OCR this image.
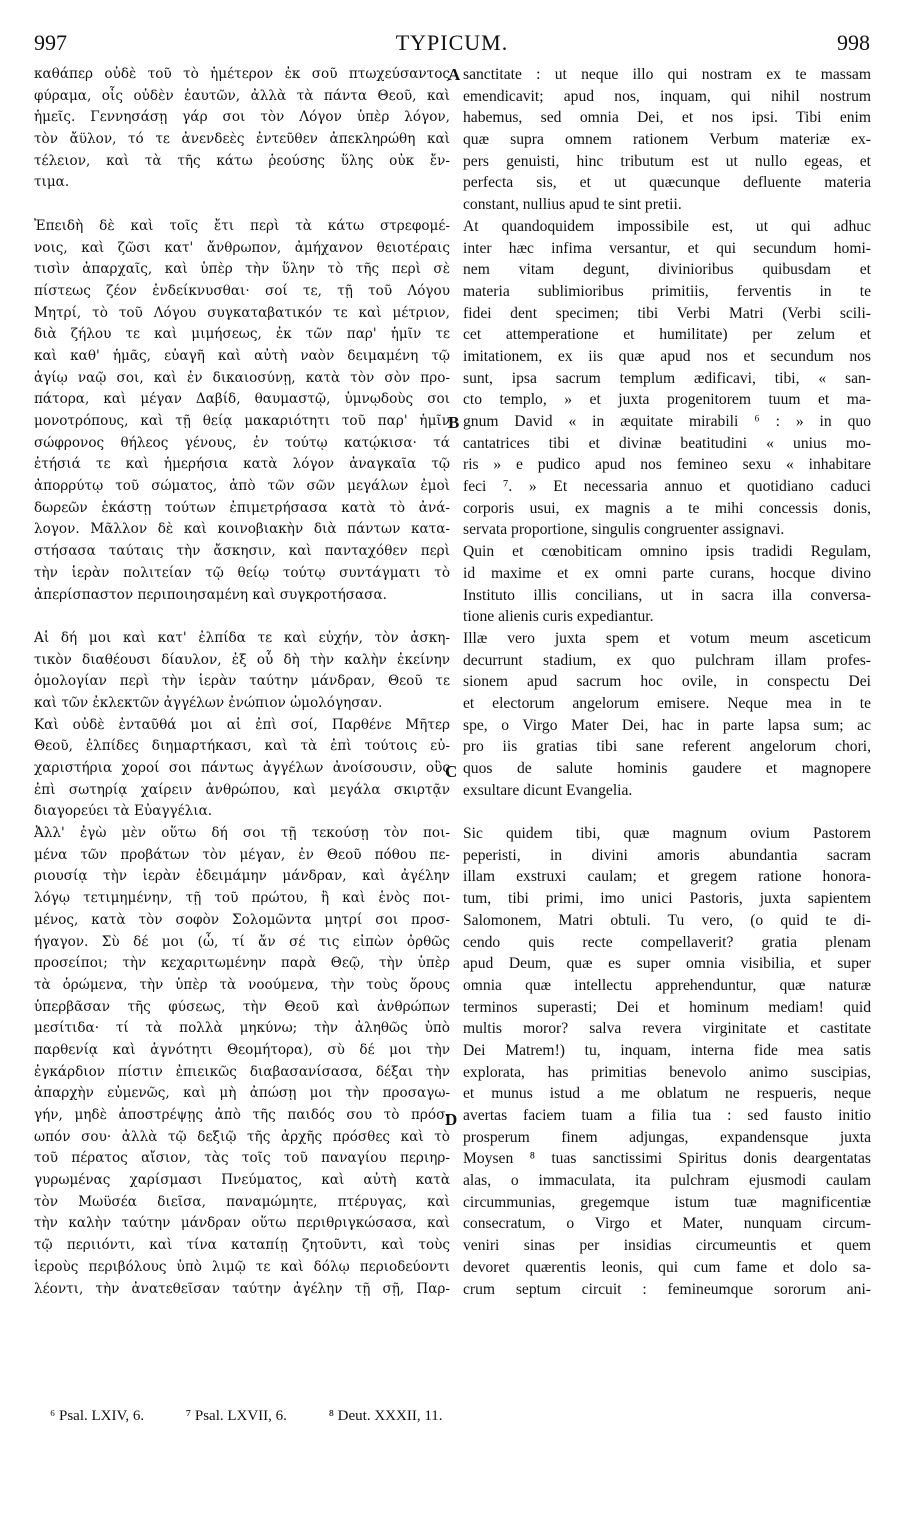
997	TYPICUM.	998
καθάπερ οὐδὲ τοῦ τὸ ἡμέτερον ἐκ σοῦ πτωχεύσαντος
φύραμα, οἷς οὐδὲν ἑαυτῶν, ἀλλὰ τὰ πάντα Θεοῦ, καὶ
ἡμεῖς. Γεννησάσῃ γάρ σοι τὸν Λόγον ὑπὲρ λόγον,
τὸν ἄϋλον, τό τε ἀνενδεὲς ἐντεῦθεν ἀπεκληρώθη καὶ
τέλειον, καὶ τὰ τῆς κάτω ῥεούσης ὕλης οὐκ ἔν-
τιμα.
Ἐπειδὴ δὲ καὶ τοῖς ἔτι περὶ τὰ κάτω στρεφομέ-
νοις, καὶ ζῶσι κατ' ἄνθρωπον, ἀμήχανον θειοτέραις
τισὶν ἀπαρχαῖς, καὶ ὑπὲρ τὴν ὕλην τὸ τῆς περὶ σὲ
πίστεως ζέον ἐνδείκνυσθαι· σοί τε, τῇ τοῦ Λόγου
Μητρί, τὸ τοῦ Λόγου συγκαταβατικόν τε καὶ μέτριον,
διὰ ζήλου τε καὶ μιμήσεως, ἐκ τῶν παρ' ἡμῖν τε
καὶ καθ' ἡμᾶς, εὐαγῆ καὶ αὐτὴ ναὸν δειμαμένη τῷ
ἁγίῳ ναῷ σοι, καὶ ἐν δικαιοσύνῃ, κατὰ τὸν σὸν προ-
πάτορα, καὶ μέγαν Δαβίδ, θαυμαστῷ, ὑμνῳδοὺς σοι
μονοτρόπους, καὶ τῇ θείᾳ μακαριότητι τοῦ παρ' ἡμῖν
σώφρονος θήλεος γένους, ἐν τούτῳ κατῴκισα· τά
ἐτήσιά τε καὶ ἡμερήσια κατὰ λόγον ἀναγκαῖα τῷ
ἀπορρύτῳ τοῦ σώματος, ἀπὸ τῶν σῶν μεγάλων ἐμοὶ
δωρεῶν ἑκάστῃ τούτων ἐπιμετρήσασα κατὰ τὸ ἀνά-
λογον. Μᾶλλον δὲ καὶ κοινοβιακὴν διὰ πάντων κατα-
στήσασα ταύταις τὴν ἄσκησιν, καὶ πανταχόθεν περὶ
τὴν ἱερὰν πολιτείαν τῷ θείῳ τούτῳ συντάγματι τὸ
ἀπερίσπαστον περιποιησαμένη καὶ συγκροτήσασα.
Αἱ δή μοι καὶ κατ' ἐλπίδα τε καὶ εὐχήν, τὸν ἀσκη-
τικὸν διαθέουσι δίαυλον, ἐξ οὗ δὴ τὴν καλὴν ἐκείνην
ὁμολογίαν περὶ τὴν ἱερὰν ταύτην μάνδραν, Θεοῦ τε
καὶ τῶν ἐκλεκτῶν ἀγγέλων ἐνώπιον ὡμολόγησαν.
Καὶ οὐδὲ ἐνταῦθά μοι αἱ ἐπὶ σοί, Παρθένε Μῆτερ
Θεοῦ, ἐλπίδες διημαρτήκασι, καὶ τὰ ἐπὶ τούτοις εὐ-
χαριστήρια χοροί σοι πάντως ἀγγέλων ἀνοίσουσιν, οὓς
ἐπὶ σωτηρίᾳ χαίρειν ἀνθρώπου, καὶ μεγάλα σκιρτᾷν
διαγορεύει τὰ Εὐαγγέλια.
Ἀλλ' ἐγὼ μὲν οὕτω δή σοι τῇ τεκούσῃ τὸν ποι-
μένα τῶν προβάτων τὸν μέγαν, ἐν Θεοῦ πόθου πε-
ριουσίᾳ τὴν ἱερὰν ἐδειμάμην μάνδραν, καὶ ἀγέλην
λόγῳ τετιμημένην, τῇ τοῦ πρώτου, ἢ καὶ ἑνὸς ποι-
μένος, κατὰ τὸν σοφὸν Σολομῶντα μητρί σοι προσ-
ήγαγον. Σὺ δέ μοι (ὦ, τί ἄν σέ τις εἰπὼν ὀρθῶς
προσείποι; τὴν κεχαριτωμένην παρὰ Θεῷ, τὴν ὑπὲρ
τὰ ὁρώμενα, τὴν ὑπὲρ τὰ νοούμενα, τὴν τοὺς ὅρους
ὑπερβᾶσαν τῆς φύσεως, τὴν Θεοῦ καὶ ἀνθρώπων
μεσίτιδα· τί τὰ πολλὰ μηκύνω; τὴν ἀληθῶς ὑπὸ
παρθενίᾳ καὶ ἁγνότητι Θεομήτορα), σὺ δέ μοι τὴν
ἐγκάρδιον πίστιν ἐπιεικῶς διαβασανίσασα, δέξαι τὴν
ἀπαρχὴν εὐμενῶς, καὶ μὴ ἀπώσῃ μοι τὴν προσαγω-
γήν, μηδὲ ἀποστρέψῃς ἀπὸ τῆς παιδός σου τὸ πρόσ-
ωπόν σου· ἀλλὰ τῷ δεξιῷ τῆς ἀρχῆς πρόσθες καὶ τὸ
τοῦ πέρατος αἴσιον, τὰς τοῖς τοῦ παναγίου περιηρ-
γυρωμένας χαρίσμασι Πνεύματος, καὶ αὐτὴ κατὰ
τὸν Μωϋσέα διεῖσα, παναμώμητε, πτέρυγας, καὶ
τὴν καλὴν ταύτην μάνδραν οὕτω περιθριγκώσασα, καὶ
τῷ περιιόντι, καὶ τίνα καταπίῃ ζητοῦντι, καὶ τοὺς
ἱεροὺς περιβόλους ὑπὸ λιμῷ τε καὶ δόλῳ περιοδεύοντι
λέοντι, τὴν ἀνατεθεῖσαν ταύτην ἀγέλην τῇ σῇ, Παρ-
sanctitate : ut neque illo qui nostram ex te massam
emendicavit; apud nos, inquam, qui nihil nostrum
habemus, sed omnia Dei, et nos ipsi. Tibi enim
quæ supra omnem rationem Verbum materiæ ex-
pers genuisti, hinc tributum est ut nullo egeas, et
perfecta sis, et ut quæcunque defluente materia
constant, nullius apud te sint pretii.
At quandoquidem impossibile est, ut qui adhuc
inter hæc infima versantur, et qui secundum homi-
nem vitam degunt, divinioribus quibusdam et
materia sublimioribus primitiis, ferventis in te
fidei dent specimen; tibi Verbi Matri (Verbi scili-
cet attemperatione et humilitate) per zelum et
imitationem, ex iis quæ apud nos et secundum nos
sunt, ipsa sacrum templum ædificavi, tibi, « san-
cto templo, » et juxta progenitorem tuum et ma-
gnum David « in æquitate mirabili ⁶ : » in quo
cantatrices tibi et divinæ beatitudini « unius mo-
ris » e pudico apud nos femineo sexu « inhabitare
feci ⁷. » Et necessaria annuo et quotidiano caduci
corporis usui, ex magnis a te mihi concessis donis,
servata proportione, singulis congruenter assignavi.
Quin et cœnobiticam omnino ipsis tradidi Regulam,
id maxime et ex omni parte curans, hocque divino
Instituto illis concilians, ut in sacra illa conversa-
tione alienis curis expediantur.
Illæ vero juxta spem et votum meum asceticum
decurrunt stadium, ex quo pulchram illam profes-
sionem apud sacrum hoc ovile, in conspectu Dei
et electorum angelorum emisere. Neque mea in te
spe, o Virgo Mater Dei, hac in parte lapsa sum; ac
pro iis gratias tibi sane referent angelorum chori,
quos de salute hominis gaudere et magnopere
exsultare dicunt Evangelia.
Sic quidem tibi, quæ magnum ovium Pastorem
peperisti, in divini amoris abundantia sacram
illam exstruxi caulam; et gregem ratione honora-
tum, tibi primi, imo unici Pastoris, juxta sapientem
Salomonem, Matri obtuli. Tu vero, (o quid te di-
cendo quis recte compellaverit? gratia plenam
apud Deum, quæ es super omnia visibilia, et super
omnia quæ intellectu apprehenduntur, quæ naturæ
terminos superasti; Dei et hominum mediam! quid
multis moror? salva revera virginitate et castitate
Dei Matrem!) tu, inquam, interna fide mea satis
explorata, has primitias benevolo animo suscipias,
et munus istud a me oblatum ne respueris, neque
avertas faciem tuam a filia tua : sed fausto initio
prosperum finem adjungas, expandensque juxta
Moysen ⁸ tuas sanctissimi Spiritus donis deargentatas
alas, o immaculata, ita pulchram ejusmodi caulam
circummunias, gregemque istum tuæ magnificentiæ
consecratum, o Virgo et Mater, nunquam circum-
veniri sinas per insidias circumeuntis et quem
devoret quærentis leonis, qui cum fame et dolo sa-
crum septum circuit : femineumque sororum ani-
A
B
C
D
⁶ Psal. LXIV, 6.	⁷ Psal. LXVII, 6.	⁸ Deut. XXXII, 11.
